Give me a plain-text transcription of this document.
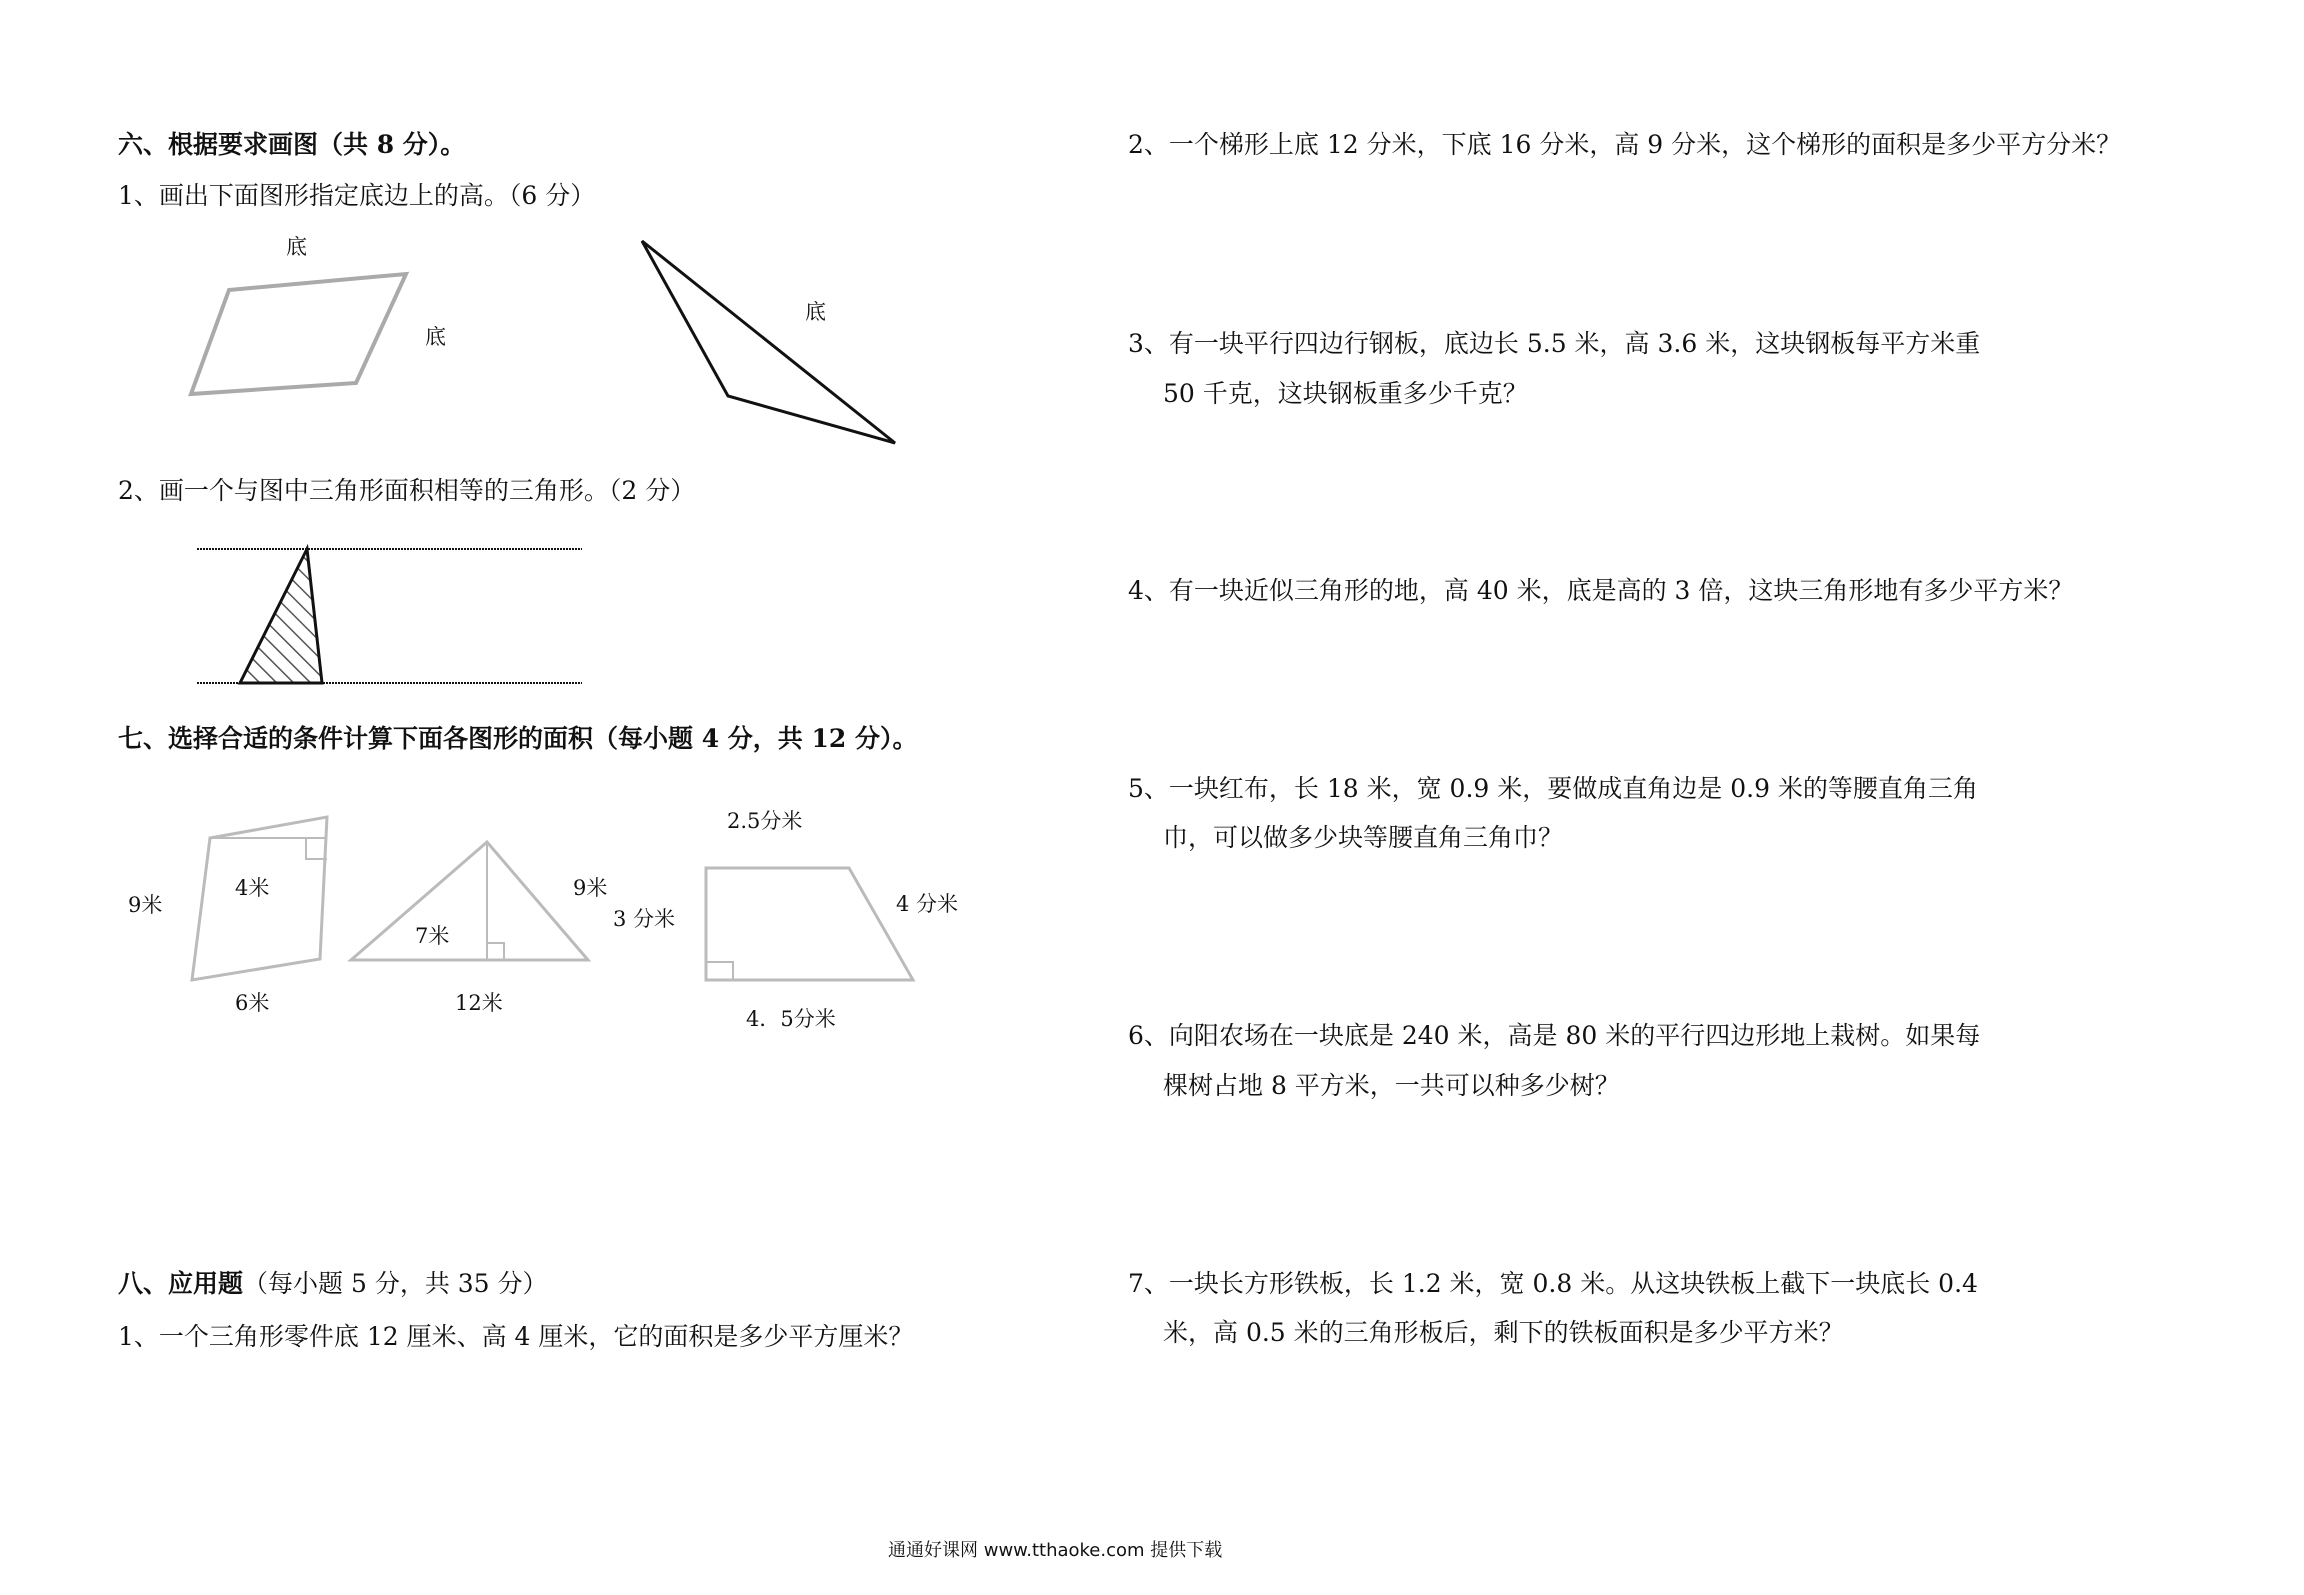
六、根据要求画图（共 8 分）。
1、画出下面图形指定底边上的高。（6 分）
底
底
底
2、画一个与图中三角形面积相等的三角形。（2 分）
七、选择合适的条件计算下面各图形的面积（每小题 4 分，共 12 分）。
9米
4米
6米
9米
7米
12米
2.5分米
3 分米
4 分米
4．5分米
八、应用题（每小题 5 分，共 35 分）
1、一个三角形零件底 12 厘米、高 4 厘米，它的面积是多少平方厘米？
2、一个梯形上底 12 分米，下底 16 分米，高 9 分米，这个梯形的面积是多少平方分米？
3、有一块平行四边行钢板，底边长 5.5 米，高 3.6 米，这块钢板每平方米重
50 千克，这块钢板重多少千克？
4、有一块近似三角形的地，高 40 米，底是高的 3 倍，这块三角形地有多少平方米？
5、一块红布，长 18 米，宽 0.9 米，要做成直角边是 0.9 米的等腰直角三角
巾，可以做多少块等腰直角三角巾？
6、向阳农场在一块底是 240 米，高是 80 米的平行四边形地上栽树。如果每
棵树占地 8 平方米，一共可以种多少树？
7、一块长方形铁板，长 1.2 米，宽 0.8 米。从这块铁板上截下一块底长 0.4
米，高 0.5 米的三角形板后，剩下的铁板面积是多少平方米？
通通好课网 www.tthaoke.com 提供下载
